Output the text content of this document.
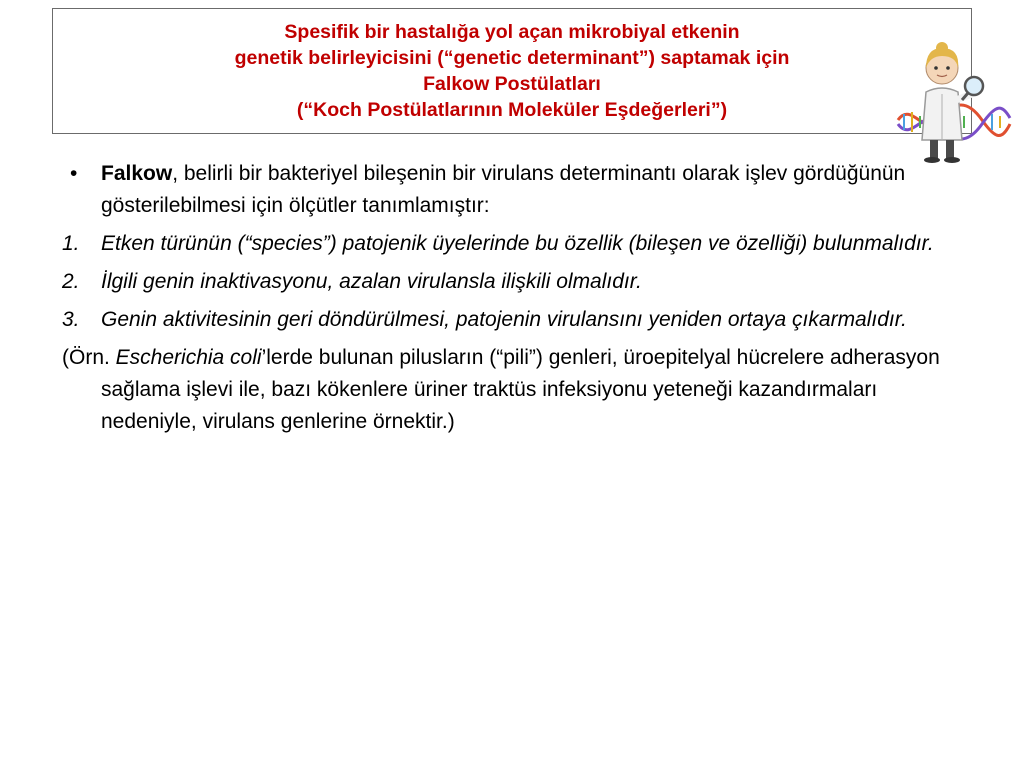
Spesifik bir hastalığa yol açan mikrobiyal etkenin
genetik belirleyicisini (“genetic determinant”) saptamak için
Falkow Postülatları
(“Koch Postülatlarının Moleküler Eşdeğerleri”)
• Falkow, belirli bir bakteriyel bileşenin bir virulans determinantı olarak işlev gördüğünün gösterilebilmesi için ölçütler tanımlamıştır:
1. Etken türünün (“species”) patojenik üyelerinde bu özellik (bileşen ve özelliği) bulunmalıdır.
2. İlgili genin inaktivasyonu, azalan virulansla ilişkili olmalıdır.
3. Genin aktivitesinin geri döndürülmesi, patojenin virulansını yeniden ortaya çıkarmalıdır.
(Örn. Escherichia coli’lerde bulunan pilusların (“pili”) genleri, üroepitelyal hücrelere adherasyon sağlama işlevi ile, bazı kökenlere üriner traktüs infeksiyonu yeteneği kazandırmaları nedeniyle, virulans genlerine örnektir.)
